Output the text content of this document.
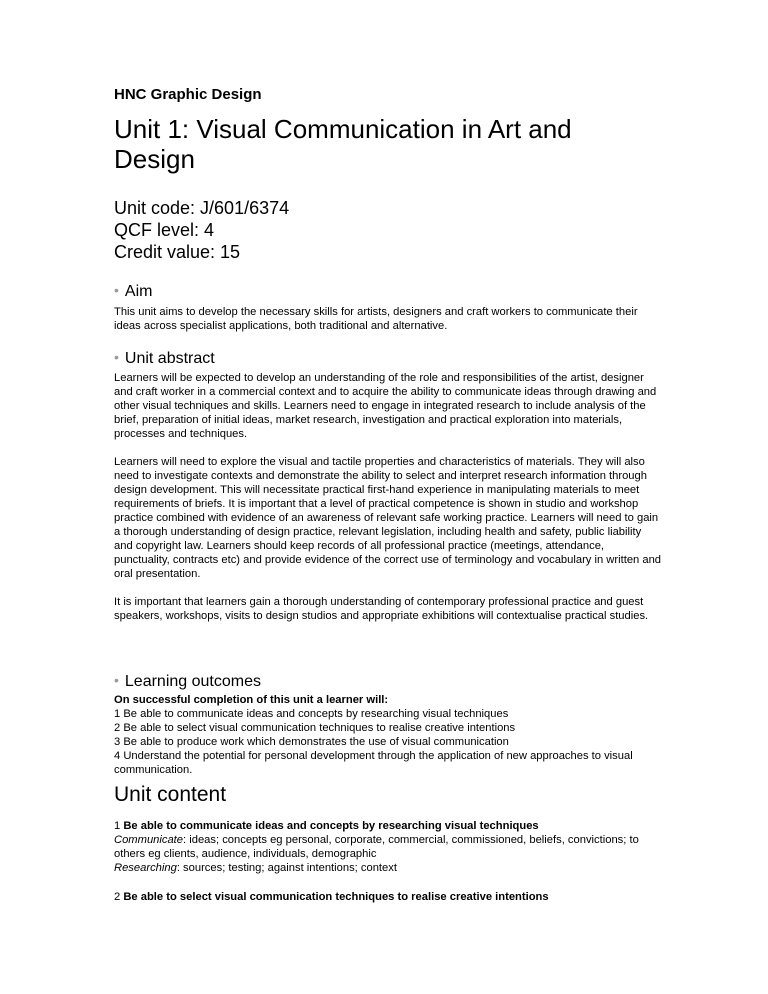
HNC Graphic Design
Unit 1: Visual Communication in Art and Design
Unit code: J/601/6374
QCF level: 4
Credit value: 15
• Aim
This unit aims to develop the necessary skills for artists, designers and craft workers to communicate their ideas across specialist applications, both traditional and alternative.
• Unit abstract

Learners will be expected to develop an understanding of the role and responsibilities of the artist, designer and craft worker in a commercial context and to acquire the ability to communicate ideas through drawing and other visual techniques and skills. Learners need to engage in integrated research to include analysis of the brief, preparation of initial ideas, market research, investigation and practical exploration into materials, processes and techniques.

Learners will need to explore the visual and tactile properties and characteristics of materials. They will also need to investigate contexts and demonstrate the ability to select and interpret research information through design development. This will necessitate practical first-hand experience in manipulating materials to meet requirements of briefs. It is important that a level of practical competence is shown in studio and workshop practice combined with evidence of an awareness of relevant safe working practice. Learners will need to gain a thorough understanding of design practice, relevant legislation, including health and safety, public liability and copyright law. Learners should keep records of all professional practice (meetings, attendance, punctuality, contracts etc) and provide evidence of the correct use of terminology and vocabulary in written and oral presentation.

It is important that learners gain a thorough understanding of contemporary professional practice and guest speakers, workshops, visits to design studios and appropriate exhibitions will contextualise practical studies.

• Learning outcomes
On successful completion of this unit a learner will:
1 Be able to communicate ideas and concepts by researching visual techniques
2 Be able to select visual communication techniques to realise creative intentions
3 Be able to produce work which demonstrates the use of visual communication
4 Understand the potential for personal development through the application of new approaches to visual communication.
Unit content
1 Be able to communicate ideas and concepts by researching visual techniques
Communicate: ideas; concepts eg personal, corporate, commercial, commissioned, beliefs, convictions; to others eg clients, audience, individuals, demographic
Researching: sources; testing; against intentions; context
2 Be able to select visual communication techniques to realise creative intentions
